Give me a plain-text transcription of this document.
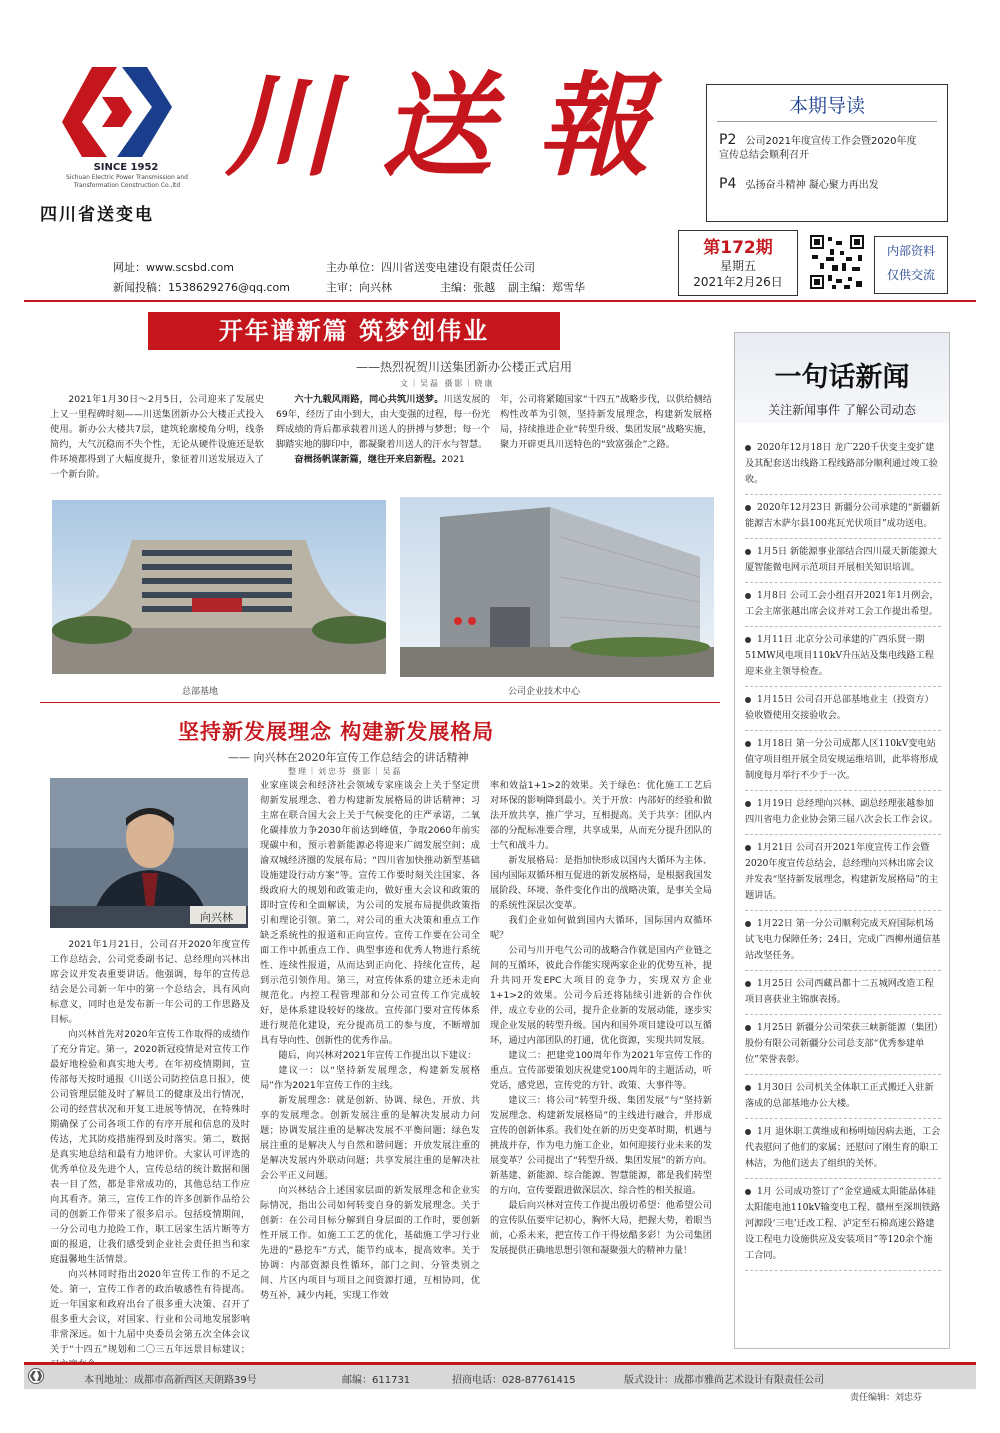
SINCE 1952
Sichuan Electric Power Transmission and Transformation Construction Co.,ltd
四川省送变电
川送報	本期导读
P2 公司2021年度宣传工作会暨2020年度宣传总结会顺利召开
P4 弘扬奋斗精神 凝心聚力再出发
第172期
星期五
2021年2月26日
内部资料
仅供交流
网址：www.scsbd.com
新闻投稿：1538629276@qq.com
主办单位：四川省送变电建设有限责任公司
主审：向兴林	主编：张越 副主编：郑雪华
开年谱新篇 筑梦创伟业
——热烈祝贺川送集团新办公楼正式启用
文｜吴磊 摄影｜晓康

2021年1月30日～2月5日，公司迎来了发展史上又一里程碑时刻——川送集团新办公大楼正式投入使用。新办公大楼共7层，建筑轮廓棱角分明，线条简约，大气沉稳而不失个性，无论从硬件设施还是软件环境都得到了大幅度提升，象征着川送发展迈入了一个新台阶。

六十九载风雨路，同心共筑川送梦。川送发展的69年，经历了由小到大，由大变强的过程，每一份光辉成绩的背后都承载着川送人的拼搏与梦想；每一个脚踏实地的脚印中，都凝聚着川送人的汗水与智慧。

奋楫扬帆谋新篇，继往开来启新程。2021

年，公司将紧随国家“十四五”战略步伐，以供给侧结构性改革为引领，坚持新发展理念，构建新发展格局，持续推进企业“转型升级、集团发展”战略实施，聚力开辟更具川送特色的“致富强企”之路。

总部基地	公司企业技术中心
坚持新发展理念 构建新发展格局
—— 向兴林在2020年宣传工作总结会的讲话精神
整理｜刘忠芬 摄影｜吴磊
向兴林

2021年1月21日，公司召开2020年度宣传工作总结会，公司党委副书记、总经理向兴林出席会议并发表重要讲话。他强调，每年的宣传总结会是公司新一年中的第一个总结会，具有风向标意义，同时也是发布新一年公司的工作思路及目标。

向兴林首先对2020年宣传工作取得的成绩作了充分肯定。第一，2020新冠疫情是对宣传工作最好地检验和真实地大考。在年初疫情期间，宣传部每天按时通报《川送公司防控信息日报》，使公司管理层能及时了解员工的健康及出行情况，公司的经营状况和开复工进展等情况，在特殊时期确保了公司各项工作的有序开展和信息的及时传达，尤其防疫措施得到及时落实。第二，数据是真实地总结和最有力地评价。大家认可评选的优秀单位及先进个人，宣传总结的统计数据和图表一目了然，都是非常成功的，其他总结工作应向其看齐。第三，宣传工作的许多创新作品给公司的创新工作带来了很多启示。包括疫情期间，一分公司电力抢险工作，职工居家生活片断等方面的报道，让我们感受到企业社会责任担当和家庭温馨地生活情景。

向兴林同时指出2020年宣传工作的不足之处。第一，宣传工作者的政治敏感性有待提高。近一年国家和政府出台了很多重大决策、召开了很多重大会议，对国家、行业和公司地发展影响非常深远。如十九届中央委员会第五次全体会议关于“十四五”规划和二〇三五年远景目标建议；

业家座谈会和经济社会领域专家座谈会上关于坚定贯彻新发展理念、着力构建新发展格局的讲话精神；习主席在联合国大会上关于气候变化的庄严承诺，二氧化碳排放力争2030年前达到峰值，争取2060年前实现碳中和，预示着新能源必将迎来广阔发展空间；成渝双城经济圈的发展布局；“四川省加快推动新型基础设施建设行动方案”等。宣传工作要时刻关注国家、各级政府大的规划和政策走向，做好重大会议和政策的即时宣传和全面解读，为公司的发展布局提供政策指引和理论引领。第二，对公司的重大决策和重点工作缺乏系统性的报道和正向宣传。宣传工作要在公司全面工作中抓重点工作、典型事迹和优秀人物进行系统性、连续性报道，从而达到正向化、持续化宣传，起到示范引领作用。第三，对宣传体系的建立还未走向规范化。内控工程管理部和分公司宣传工作完成较好，是体系建设较好的缘故。宣传部门要对宣传体系进行规范化建设，充分提高员工的参与度，不断增加具有导向性、创新性的优秀作品。

随后，向兴林对2021年宣传工作提出以下建议：

建议一：以“坚持新发展理念，构建新发展格局”作为2021年宣传工作的主线。

新发展理念：就是创新、协调、绿色、开放、共享的发展理念。创新发展注重的是解决发展动力问题；协调发展注重的是解决发展不平衡问题；绿色发展注重的是解决人与自然和谐问题；开放发展注重的是解决发展内外联动问题；共享发展注重的是解决社会公平正义问题。

向兴林结合上述国家层面的新发展理念和企业实际情况，指出公司如何转变自身的新发展理念。关于创新：在公司目标分解到自身层面的工作时，要创新性开展工作。如施工工艺的优化，基础施工学习行业先进的“悬挖车”方式，能节约成本，提高效率。关于协调：内部资源良性循环，部门之间、分管类别之间、片区内项目与项目之间资源打通，互相协同，优势互补，减少内耗，实现工作效

率和效益1+1>2的效果。关于绿色：优化施工工艺后对环保的影响降到最小。关于开放：内部好的经验和做法开放共享，推广学习，互相提高。关于共享：团队内部的分配标准要合理，共享成果，从而充分提升团队的士气和战斗力。

新发展格局：是指加快形成以国内大循环为主体、国内国际双循环相互促进的新发展格局，是根据我国发展阶段、环境、条件变化作出的战略决策，是事关全局的系统性深层次变革。

我们企业如何做到国内大循环，国际国内双循环呢？

公司与川开电气公司的战略合作就是国内产业链之间的互循环，彼此合作能实现两家企业的优势互补，提升共同开发EPC大项目的竞争力，实现双方企业1+1>2的效果。公司今后还将陆续引进新的合作伙伴，成立专业的公司，提升企业新的发展动能，逐步实现企业发展的转型升级。国内和国外项目建设可以互循环，通过内部团队的打通，优化资源，实现共同发展。

建议二：把建党100周年作为2021年宣传工作的重点。宣传部要策划庆祝建党100周年的主题活动，听党话，感党恩，宣传党的方针、政策、大事件等。

建议三：将公司“转型升级、集团发展”与“坚持新发展理念、构建新发展格局”的主线进行融合，并形成宣传的创新体系。我们处在新的历史变革时期，机遇与挑战并存，作为电力施工企业，如何迎接行业未来的发展变革？公司提出了“转型升级、集团发展”的新方向。新基建、新能源、综合能源、智慧能源，都是我们转型的方向，宣传要跟进做深层次、综合性的相关报道。

最后向兴林对宣传工作提出殷切希望：他希望公司的宣传队伍要牢记初心，胸怀大局，把握大势，着眼当前，心系未来，把宣传工作干得炫酷多彩！为公司集团发展提供正确地思想引领和凝聚强大的精神力量！

一句话新闻
关注新闻事件 了解公司动态
2020年12月18日 龙广220千伏变主变扩建及其配套送出线路工程线路部分顺利通过竣工验收。
2020年12月23日 新疆分公司承建的“新疆新能源吉木萨尔县100兆瓦光伏项目”成功送电。
1月5日 新能源事业部结合四川晟天新能源大厦智能微电网示范项目开展相关知识培训。
1月8日 公司工会小组召开2021年1月例会，工会主席张越出席会议并对工会工作提出希望。
1月11日 北京分公司承建的广西乐贤一期51MW风电项目110kV升压站及集电线路工程迎来业主领导检查。
1月15日 公司召开总部基地业主（投资方）验收暨使用交接验收会。
1月18日 第一分公司成都人区110kV变电站值守项目组开展全员安规运维培训，此举将形成制度每月举行不少于一次。
1月19日 总经理向兴林、副总经理张越参加四川省电力企业协会第三届八次会长工作会议。
1月21日 公司召开2021年度宣传工作会暨2020年度宣传总结会，总经理向兴林出席会议并发表“坚持新发展理念，构建新发展格局”的主题讲话。
1月22日 第一分公司顺利完成天府国际机场试飞电力保障任务；24日，完成广西柳州通信基站改坚任务。
1月25日 公司西藏昌都十二五城网改造工程项目喜获业主锦旗表扬。
1月25日 新疆分公司荣获三峡新能源（集团）股份有限公司新疆分公司总支部“优秀参建单位”荣誉表彰。
1月30日 公司机关全体职工正式搬迁入驻新落成的总部基地办公大楼。
1月 退休职工黄维成和杨明灿因病去逝，工会代表慰问了他们的家属；还慰问了刚生育的职工林洁，为他们送去了组织的关怀。
1月 公司成功签订了“金堂通威太阳能晶体硅太阳能电池110kV输变电工程、赣州至深圳铁路河源段‘三电’迁改工程、泸定至石棉高速公路建设工程电力设施供应及安装项目”等120余个施工合同。
本刊地址：成都市高新西区天朗路39号	邮编：611731	招商电话：028-87761415	版式设计：成都市雅尚艺术设计有限责任公司
责任编辑：刘忠芬
